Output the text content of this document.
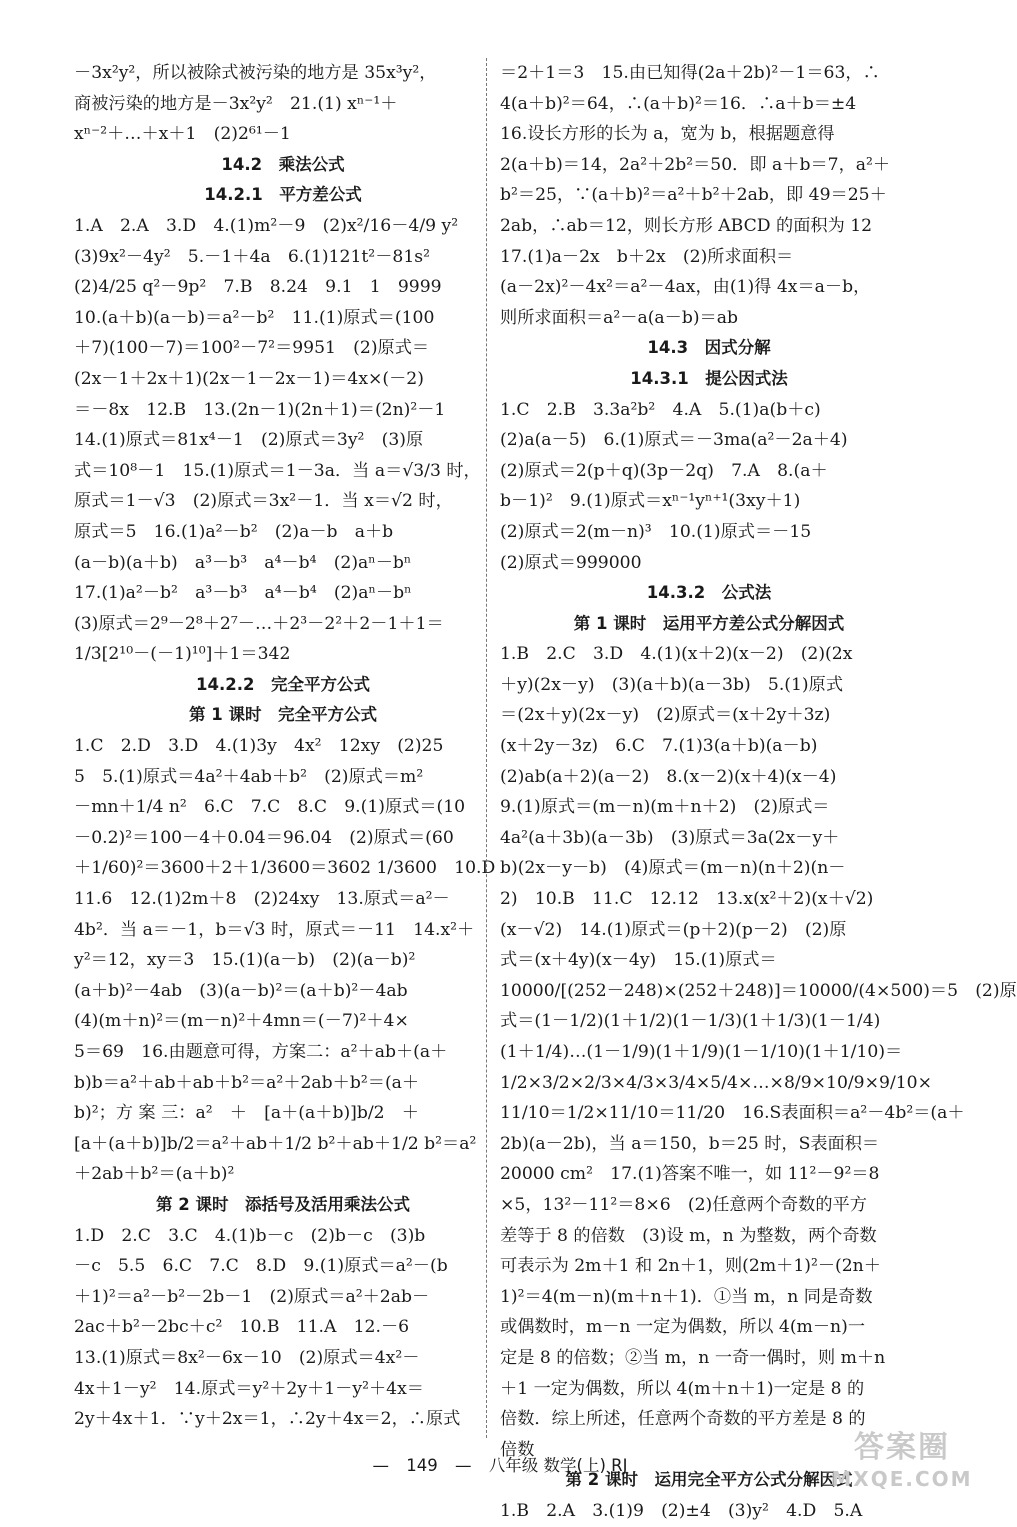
－3x²y²，所以被除式被污染的地方是 35x³y²，
商被污染的地方是－3x²y²　21.(1) xⁿ⁻¹＋
xⁿ⁻²＋…＋x＋1　(2)2⁶¹－1
14.2　乘法公式
14.2.1　平方差公式
1.A　2.A　3.D　4.(1)m²－9　(2)x²/16－4/9 y²
(3)9x²－4y²　5.－1＋4a　6.(1)121t²－81s²
(2)4/25 q²－9p²　7.B　8.24　9.1　1　9999
10.(a＋b)(a－b)＝a²－b²　11.(1)原式＝(100
＋7)(100－7)＝100²－7²＝9951　(2)原式＝
(2x－1＋2x＋1)(2x－1－2x－1)＝4x×(－2)
＝－8x　12.B　13.(2n－1)(2n＋1)＝(2n)²－1
14.(1)原式＝81x⁴－1　(2)原式＝3y²　(3)原
式＝10⁸－1　15.(1)原式＝1－3a．当 a＝√3/3 时，
原式＝1－√3　(2)原式＝3x²－1．当 x＝√2 时，
原式＝5　16.(1)a²－b²　(2)a－b　a＋b
(a－b)(a＋b)　a³－b³　a⁴－b⁴　(2)aⁿ－bⁿ
17.(1)a²－b²　a³－b³　a⁴－b⁴　(2)aⁿ－bⁿ
(3)原式＝2⁹－2⁸＋2⁷－…＋2³－2²＋2－1＋1＝
1/3[2¹⁰－(－1)¹⁰]＋1＝342
14.2.2　完全平方公式
第 1 课时　完全平方公式
1.C　2.D　3.D　4.(1)3y　4x²　12xy　(2)25
5　5.(1)原式＝4a²＋4ab＋b²　(2)原式＝m²
－mn＋1/4 n²　6.C　7.C　8.C　9.(1)原式＝(10
－0.2)²＝100－4＋0.04＝96.04　(2)原式＝(60
＋1/60)²＝3600＋2＋1/3600＝3602 1/3600　10.D
11.6　12.(1)2m＋8　(2)24xy　13.原式＝a²－
4b²．当 a＝－1，b＝√3 时，原式＝－11　14.x²＋
y²＝12，xy＝3　15.(1)(a－b)　(2)(a－b)²
(a＋b)²－4ab　(3)(a－b)²＝(a＋b)²－4ab
(4)(m＋n)²＝(m－n)²＋4mn＝(－7)²＋4×
5＝69　16.由题意可得，方案二：a²＋ab＋(a＋
b)b＝a²＋ab＋ab＋b²＝a²＋2ab＋b²＝(a＋
b)²；方 案 三：a²　＋　[a＋(a＋b)]b/2　＋
[a＋(a＋b)]b/2＝a²＋ab＋1/2 b²＋ab＋1/2 b²＝a²
＋2ab＋b²＝(a＋b)²
第 2 课时　添括号及活用乘法公式
1.D　2.C　3.C　4.(1)b－c　(2)b－c　(3)b
－c　5.5　6.C　7.C　8.D　9.(1)原式＝a²－(b
＋1)²＝a²－b²－2b－1　(2)原式＝a²＋2ab－
2ac＋b²－2bc＋c²　10.B　11.A　12.－6
13.(1)原式＝8x²－6x－10　(2)原式＝4x²－
4x＋1－y²　14.原式＝y²＋2y＋1－y²＋4x＝
2y＋4x＋1．∵y＋2x＝1，∴2y＋4x＝2，∴原式
＝2＋1＝3　15.由已知得(2a＋2b)²－1＝63，∴
4(a＋b)²＝64，∴(a＋b)²＝16．∴a＋b＝±4
16.设长方形的长为 a，宽为 b，根据题意得
2(a＋b)＝14，2a²＋2b²＝50．即 a＋b＝7，a²＋
b²＝25，∵(a＋b)²＝a²＋b²＋2ab，即 49＝25＋
2ab，∴ab＝12，则长方形 ABCD 的面积为 12
17.(1)a－2x　b＋2x　(2)所求面积＝
(a－2x)²－4x²＝a²－4ax，由(1)得 4x＝a－b，
则所求面积＝a²－a(a－b)＝ab
14.3　因式分解
14.3.1　提公因式法
1.C　2.B　3.3a²b²　4.A　5.(1)a(b＋c)
(2)a(a－5)　6.(1)原式＝－3ma(a²－2a＋4)
(2)原式＝2(p＋q)(3p－2q)　7.A　8.(a＋
b－1)²　9.(1)原式＝xⁿ⁻¹yⁿ⁺¹(3xy＋1)
(2)原式＝2(m－n)³　10.(1)原式＝－15
(2)原式＝999000
14.3.2　公式法
第 1 课时　运用平方差公式分解因式
1.B　2.C　3.D　4.(1)(x＋2)(x－2)　(2)(2x
＋y)(2x－y)　(3)(a＋b)(a－3b)　5.(1)原式
＝(2x＋y)(2x－y)　(2)原式＝(x＋2y＋3z)
(x＋2y－3z)　6.C　7.(1)3(a＋b)(a－b)
(2)ab(a＋2)(a－2)　8.(x－2)(x＋4)(x－4)
9.(1)原式＝(m－n)(m＋n＋2)　(2)原式＝
4a²(a＋3b)(a－3b)　(3)原式＝3a(2x－y＋
b)(2x－y－b)　(4)原式＝(m－n)(n＋2)(n－
2)　10.B　11.C　12.12　13.x(x²＋2)(x＋√2)
(x－√2)　14.(1)原式＝(p＋2)(p－2)　(2)原
式＝(x＋4y)(x－4y)　15.(1)原式＝
10000/[(252－248)×(252＋248)]＝10000/(4×500)＝5　(2)原
式＝(1－1/2)(1＋1/2)(1－1/3)(1＋1/3)(1－1/4)
(1＋1/4)…(1－1/9)(1＋1/9)(1－1/10)(1＋1/10)＝
1/2×3/2×2/3×4/3×3/4×5/4×…×8/9×10/9×9/10×
11/10＝1/2×11/10＝11/20　16.S表面积＝a²－4b²＝(a＋
2b)(a－2b)，当 a＝150，b＝25 时，S表面积＝
20000 cm²　17.(1)答案不唯一，如 11²－9²＝8
×5，13²－11²＝8×6　(2)任意两个奇数的平方
差等于 8 的倍数　(3)设 m，n 为整数，两个奇数
可表示为 2m＋1 和 2n＋1，则(2m＋1)²－(2n＋
1)²＝4(m－n)(m＋n＋1)．①当 m，n 同是奇数
或偶数时，m－n 一定为偶数，所以 4(m－n)一
定是 8 的倍数；②当 m，n 一奇一偶时，则 m＋n
＋1 一定为偶数，所以 4(m＋n＋1)一定是 8 的
倍数．综上所述，任意两个奇数的平方差是 8 的
倍数
第 2 课时　运用完全平方公式分解因式
1.B　2.A　3.(1)9　(2)±4　(3)y²　4.D　5.A
— 149 — 八年级 数学(上) RJ
答案圈
MXQE.COM
